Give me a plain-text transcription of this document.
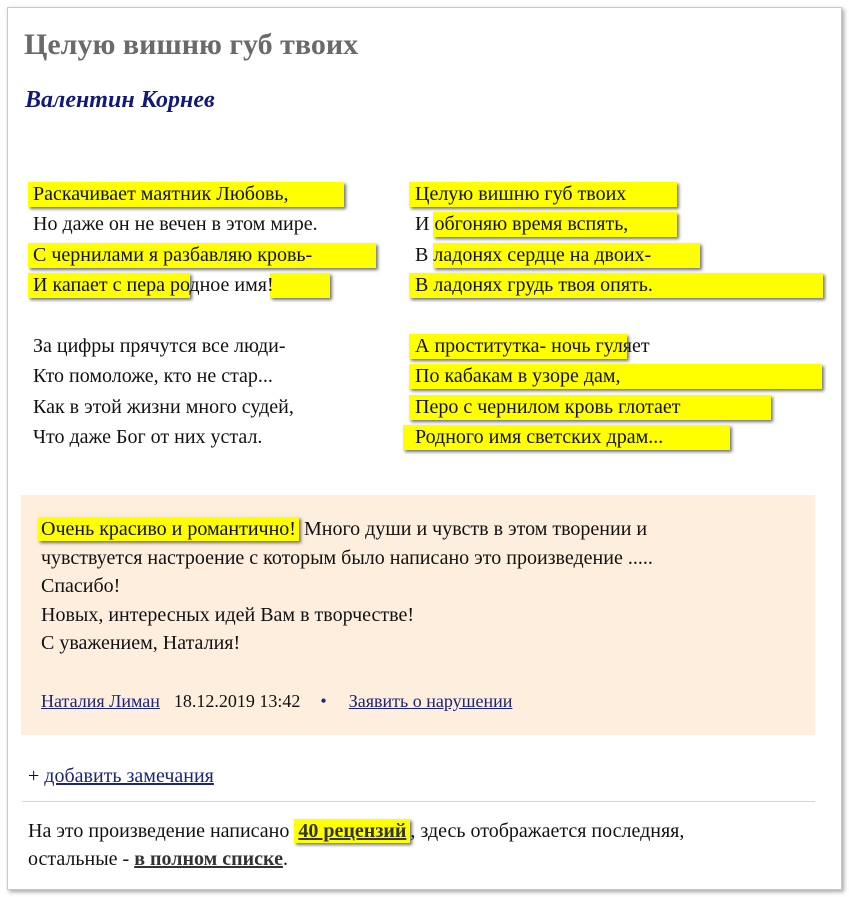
Целую вишню губ твоих
Валентин Корнев
Раскачивает маятник Любовь,
Но даже он не вечен в этом мире.
С чернилами я разбавляю кровь-
И капает с пера родное имя!
За цифры прячутся все люди-
Кто помоложе, кто не стар...
Как в этой жизни много судей,
Что даже Бог от них устал.
Целую вишню губ твоих
И обгоняю время вспять,
В ладонях сердце на двоих-
В ладонях грудь твоя опять.
А проститутка- ночь гуляет
По кабакам в узоре дам,
Перо с чернилом кровь глотает
Родного имя светских драм...
Очень красиво и романтично! Много души и чувств в этом творении и
чувствуется настроение с которым было написано это произведение .....
Спасибо!
Новых, интересных идей Вам в творчестве!
С уважением, Наталия!
Наталия Лиман 18.12.2019 13:42 • Заявить о нарушении
+ добавить замечания
На это произведение написано 40 рецензий , здесь отображается последняя,
остальные - в полном списке.
